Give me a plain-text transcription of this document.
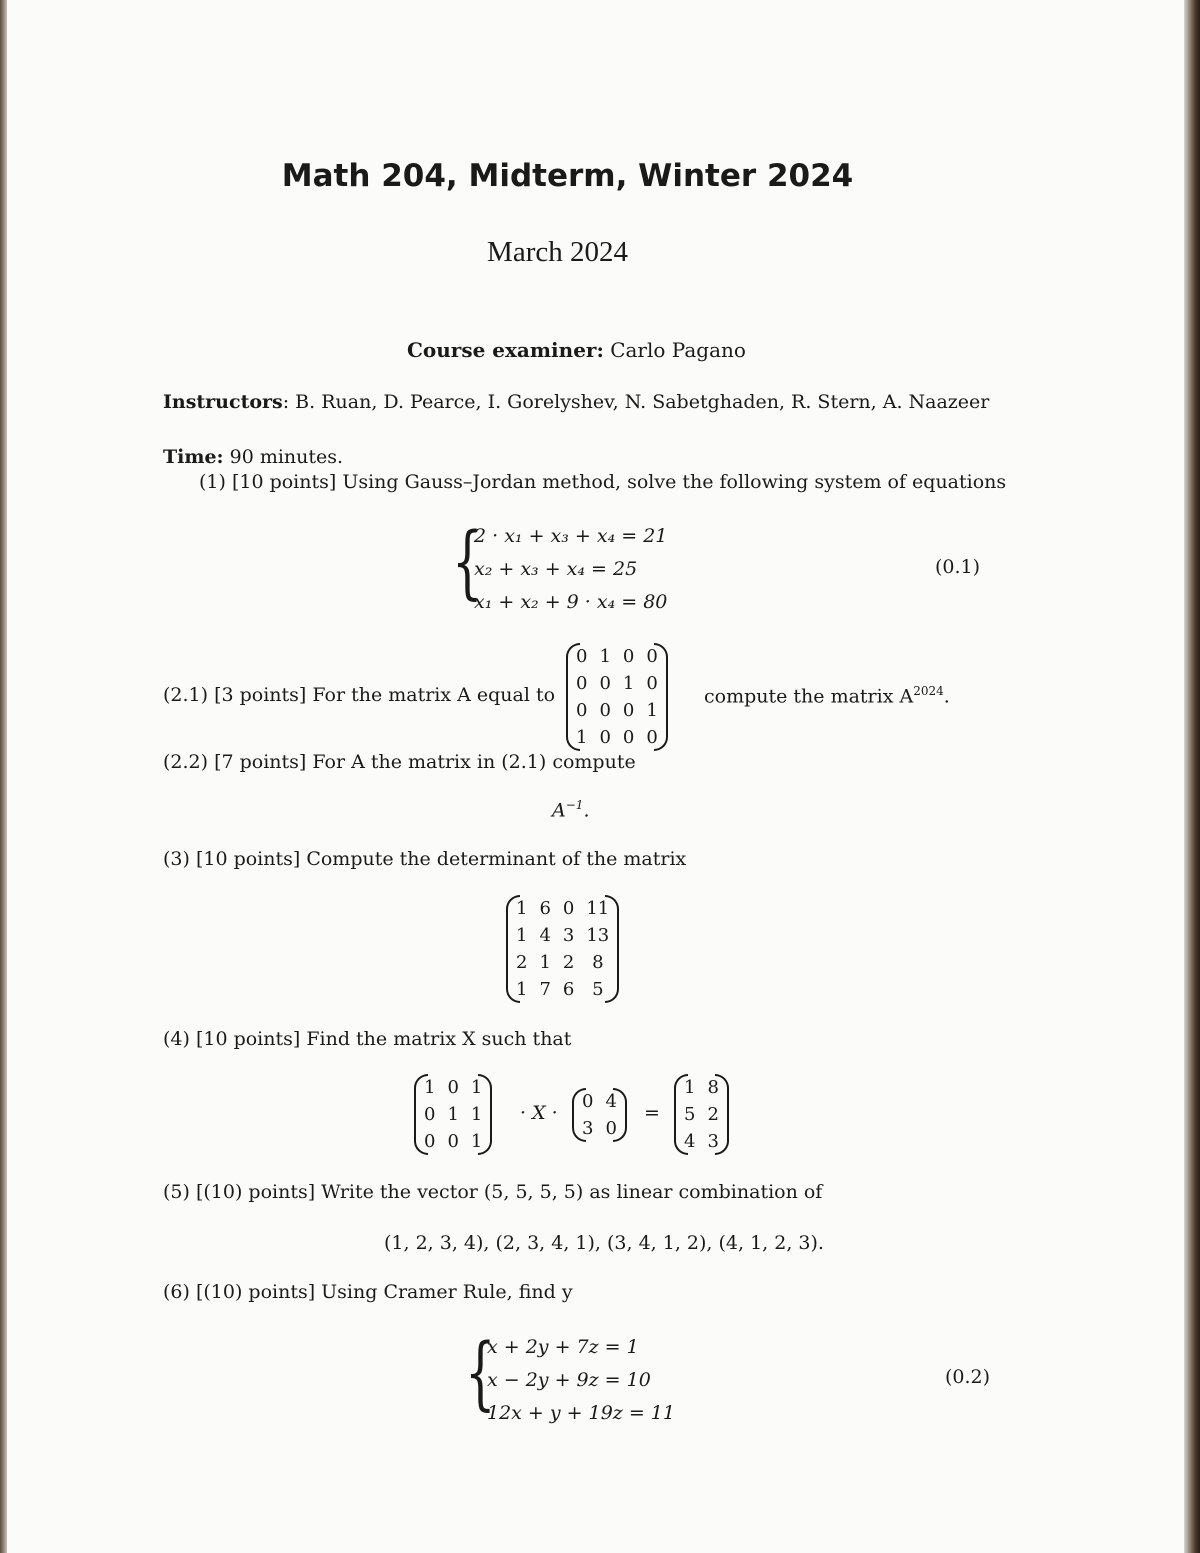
Math 204, Midterm, Winter 2024
March 2024
Course examiner: Carlo Pagano
Instructors: B. Ruan, D. Pearce, I. Gorelyshev, N. Sabetghaden, R. Stern, A. Naazeer
Time: 90 minutes.
(1) [10 points] Using Gauss–Jordan method, solve the following system of equations
{
2 · x₁ + x₃ + x₄ = 21
x₂ + x₃ + x₄ = 25
x₁ + x₂ + 9 · x₄ = 80
(0.1)
(2.1) [3 points] For the matrix A equal to
0	1	0	0
0	0	1	0
0	0	0	1
1	0	0	0
compute the matrix $A^{2024}$.
(2.2) [7 points] For A the matrix in (2.1) compute
$A^{-1}$.
(3) [10 points] Compute the determinant of the matrix
1	6	0	11
1	4	3	13
2	1	2	8
1	7	6	5
(4) [10 points] Find the matrix X such that
1	0	1
0	1	1
0	0	1
· X ·
0	4
3	0
=
1	8
5	2
4	3
(5) [(10) points] Write the vector (5, 5, 5, 5) as linear combination of
(1, 2, 3, 4), (2, 3, 4, 1), (3, 4, 1, 2), (4, 1, 2, 3).
(6) [(10) points] Using Cramer Rule, find y
{
x + 2y + 7z = 1
x − 2y + 9z = 10
12x + y + 19z = 11
(0.2)
